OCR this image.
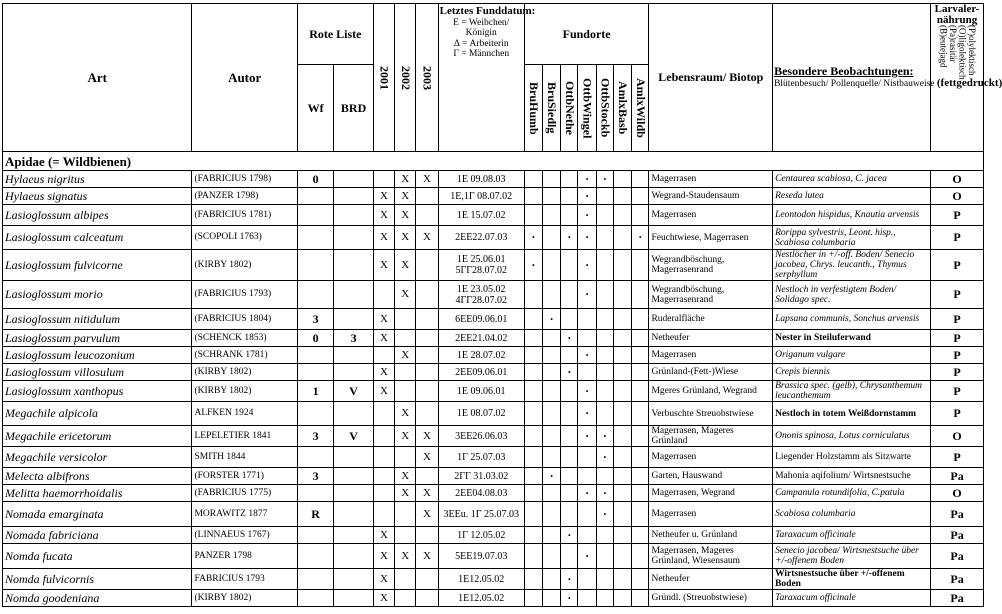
Art	Autor	Rote Liste		2001	2002	2003	Letztes Funddatum:
E = Weibchen/
Königin
Δ = Arbeiterin
Γ = Männchen	Fundorte							Lebensraum/ Biotop	Besondere Beobachtungen:
Blütenbesuch/ Pollenquelle/ Nistbauweise (fettgedruckt)	Larvaler-nährung
(P)olylektisch
(O)ligolektisch
(Pa)rasitär
(B)eutejagd
		Wf	BRD					BruHumb	BruSiedlg	OttbNethe	OttbWingel	OttbStockb	AmlxBasb	AmlxWildb			
Apidae (= Wildbienen)																	
Hylaeus nigritus	(FABRICIUS 1798)	0			X	X	1E 09.08.03				·	·			Magerrasen	Centaurea scabiosa, C. jacea	O
Hylaeus signatus	(PANZER 1798)			X	X		1E,1Γ 08.07.02				·				Wegrand-Staudensaum	Reseda lutea	O
Lasioglossum albipes	(FABRICIUS 1781)			X	X		1E 15.07.02				·				Magerrasen	Leontodon hispidus, Knautia arvensis	P
Lasioglossum calceatum	(SCOPOLI 1763)			X	X	X	2EE22.07.03	·		·	·			·	Feuchtwiese, Magerrasen	Rorippa sylvestris, Leont. hisp., Scabiosa columbaria	P
Lasioglossum fulvicorne	(KIRBY 1802)			X	X		1E 25.06.01 5ΓΓ28.07.02	·			·				Wegrandböschung, Magerrasenrand	Nestlöcher in +/-off. Boden/ Senecio jacobea, Chrys. leucanth., Thymus serphyllum	P
Lasioglossum morio	(FABRICIUS 1793)				X		1E 23.05.02 4ΓΓ28.07.02				·				Wegrandböschung, Magerrasenrand	Nestloch in verfestigtem Boden/ Solidago spec.	P
Lasioglossum nitidulum	(FABRICIUS 1804)	3		X			6EE09.06.01		·						Ruderalfläche	Lapsana communis, Sonchus arvensis	P
Lasioglossum parvulum	(SCHENCK 1853)	0	3	X			2EE21.04.02			·					Netheufer	Nester in Steiluferwand	P
Lasioglossum leucozonium	(SCHRANK 1781)				X		1E 28.07.02				·				Magerrasen	Origanum vulgare	P
Lasioglossum villosulum	(KIRBY 1802)			X			2EE09.06.01			·					Grünland-(Fett-)Wiese	Crepis biennis	P
Lasioglossum xanthopus	(KIRBY 1802)	1	V	X			1E 09.06.01				·				Mgeres Grünland, Wegrand	Brassica spec. (gelb), Chrysanthemum leucanthemum	P
Megachile alpicola	ALFKEN 1924				X		1E 08.07.02				·				Verbuschte Streuobstwiese	Nestloch in totem Weißdornstamm	P
Megachile ericetorum	LEPELETIER 1841	3	V		X	X	3EE26.06.03				·	·			Magerrasen, Mageres Grünland	Ononis spinosa, Lotus corniculatus	O
Megachile versicolor	SMITH 1844					X	1Γ 25.07.03					·			Magerrasen	Liegender Holzstamm als Sitzwarte	P
Melecta albifrons	(FORSTER 1771)	3			X		2ΓΓ 31.03.02		·						Garten, Hauswand	Mahonia aqifolium/ Wirtsnestsuche	Pa
Melitta haemorrhoidalis	(FABRICIUS 1775)				X	X	2EE04.08.03				·	·			Magerrasen, Wegrand	Campanula rotundifolia, C.patula	O
Nomada emarginata	MORAWITZ 1877	R				X	3EEu. 1Γ 25.07.03					·			Magerrasen	Scabiosa columbaria	Pa
Nomada fabriciana	(LINNAEUS 1767)			X			1Γ 12.05.02			·					Netheufer u. Grünland	Taraxacum officinale	Pa
Nomda fucata	PANZER 1798			X	X	X	5EE19.07.03				·				Magerrasen, Mageres Grünland, Wiesensaum	Senecio jacobea/ Wirtsnestsuche über +/-offenem Boden	Pa
Nomda fulvicornis	FABRICIUS 1793			X			1E12.05.02			·					Netheufer	Wirtsnestsuche über +/-offenem Boden	Pa
Nomda goodeniana	(KIRBY 1802)			X			1E12.05.02			·					Gründl. (Streuobstwiese)	Taraxacum officinale	Pa
